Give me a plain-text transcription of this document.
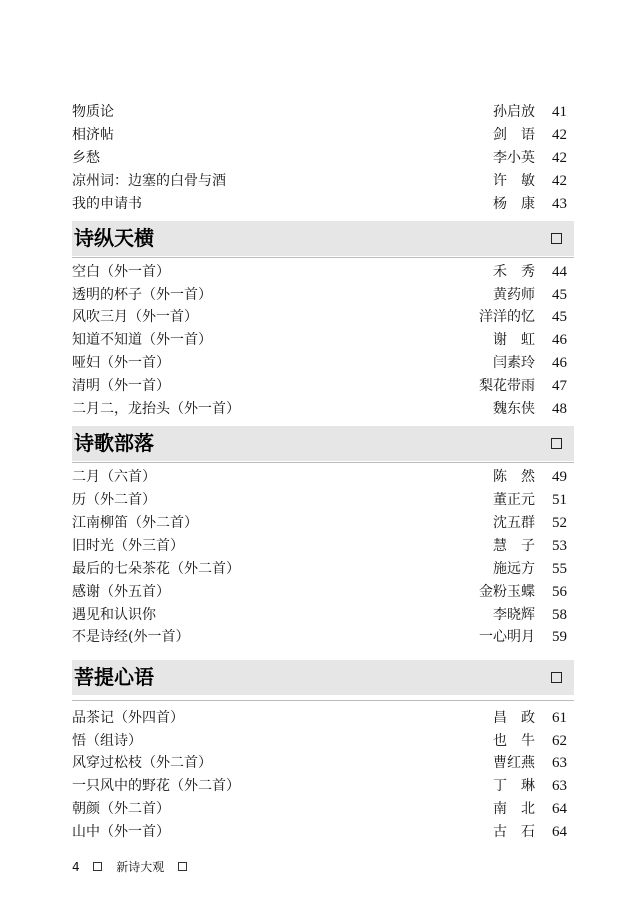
物质论	孙启放	41
相济帖	剑　语	42
乡愁	李小英	42
凉州词：边塞的白骨与酒	许　敏	42
我的申请书	杨　康	43
诗纵天横
空白（外一首）	禾　秀	44
透明的杯子（外一首）	黄药师	45
风吹三月（外一首）	洋洋的忆	45
知道不知道（外一首）	谢　虹	46
哑妇（外一首）	闫素玲	46
清明（外一首）	梨花带雨	47
二月二，龙抬头（外一首）	魏东侠	48
诗歌部落
二月（六首）	陈　然	49
历（外二首）	董正元	51
江南柳笛（外二首）	沈五群	52
旧时光（外三首）	慧　子	53
最后的七朵茶花（外二首）	施远方	55
感谢（外五首）	金粉玉蝶	56
遇见和认识你	李晓辉	58
不是诗经(外一首）	一心明月	59
菩提心语
品茶记（外四首）	昌　政	61
悟（组诗）	也　牛	62
风穿过松枝（外二首）	曹红燕	63
一只风中的野花（外二首）	丁　琳	63
朝颜（外二首）	南　北	64
山中（外一首）	古　石	64
4	新诗大观
